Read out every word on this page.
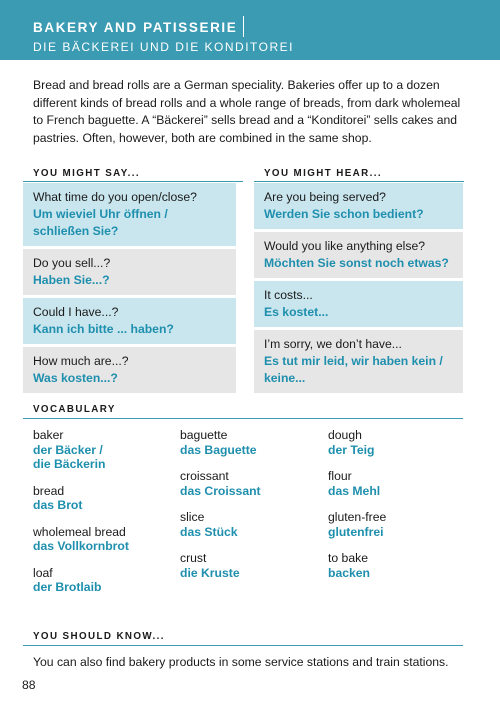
BAKERY AND PATISSERIE
DIE BÄCKEREI UND DIE KONDITOREI
Bread and bread rolls are a German speciality. Bakeries offer up to a dozen different kinds of bread rolls and a whole range of breads, from dark wholemeal to French baguette. A “Bäckerei” sells bread and a “Konditorei” sells cakes and pastries. Often, however, both are combined in the same shop.
YOU MIGHT SAY...
What time do you open/close?
Um wieviel Uhr öffnen / schließen Sie?
Do you sell...?
Haben Sie...?
Could I have...?
Kann ich bitte ... haben?
How much are...?
Was kosten...?
YOU MIGHT HEAR...
Are you being served?
Werden Sie schon bedient?
Would you like anything else?
Möchten Sie sonst noch etwas?
It costs...
Es kostet...
I’m sorry, we don’t have...
Es tut mir leid, wir haben kein / keine...
VOCABULARY
baker
der Bäcker / die Bäckerin
bread
das Brot
wholemeal bread
das Vollkornbrot
loaf
der Brotlaib
baguette
das Baguette
croissant
das Croissant
slice
das Stück
crust
die Kruste
dough
der Teig
flour
das Mehl
gluten-free
glutenfrei
to bake
backen
YOU SHOULD KNOW...
You can also find bakery products in some service stations and train stations.
88
